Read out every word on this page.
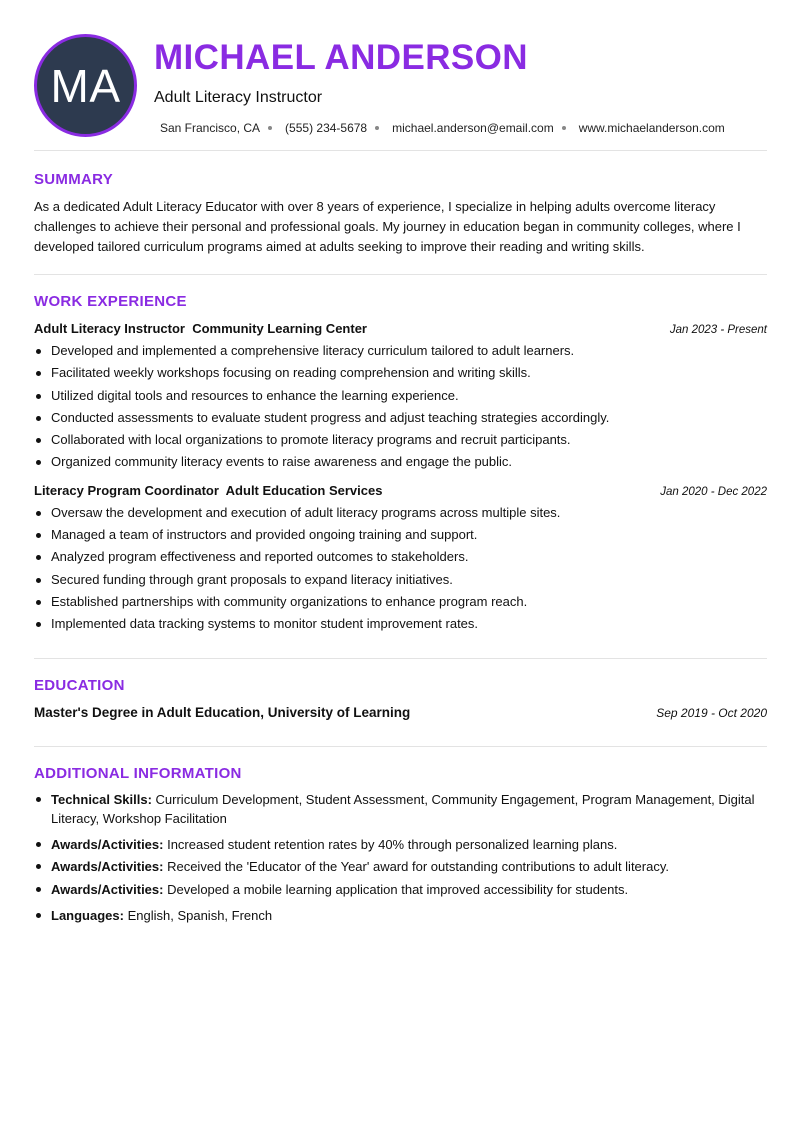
MA
MICHAEL ANDERSON
Adult Literacy Instructor
San Francisco, CA (555) 234-5678 michael.anderson@email.com www.michaelanderson.com
SUMMARY

As a dedicated Adult Literacy Educator with over 8 years of experience, I specialize in helping adults overcome literacy challenges to achieve their personal and professional goals. My journey in education began in community colleges, where I developed tailored curriculum programs aimed at adults seeking to improve their reading and writing skills.

WORK EXPERIENCE
Adult Literacy Instructor  Community Learning Center	Jan 2023 - Present
Developed and implemented a comprehensive literacy curriculum tailored to adult learners.
Facilitated weekly workshops focusing on reading comprehension and writing skills.
Utilized digital tools and resources to enhance the learning experience.
Conducted assessments to evaluate student progress and adjust teaching strategies accordingly.
Collaborated with local organizations to promote literacy programs and recruit participants.
Organized community literacy events to raise awareness and engage the public.
Literacy Program Coordinator  Adult Education Services	Jan 2020 - Dec 2022
Oversaw the development and execution of adult literacy programs across multiple sites.
Managed a team of instructors and provided ongoing training and support.
Analyzed program effectiveness and reported outcomes to stakeholders.
Secured funding through grant proposals to expand literacy initiatives.
Established partnerships with community organizations to enhance program reach.
Implemented data tracking systems to monitor student improvement rates.
EDUCATION
Master's Degree in Adult Education, University of Learning	Sep 2019 - Oct 2020
ADDITIONAL INFORMATION
Technical Skills: Curriculum Development, Student Assessment, Community Engagement, Program Management, Digital Literacy, Workshop Facilitation
Awards/Activities: Increased student retention rates by 40% through personalized learning plans.
Awards/Activities: Received the 'Educator of the Year' award for outstanding contributions to adult literacy.
Awards/Activities: Developed a mobile learning application that improved accessibility for students.
Languages: English, Spanish, French
